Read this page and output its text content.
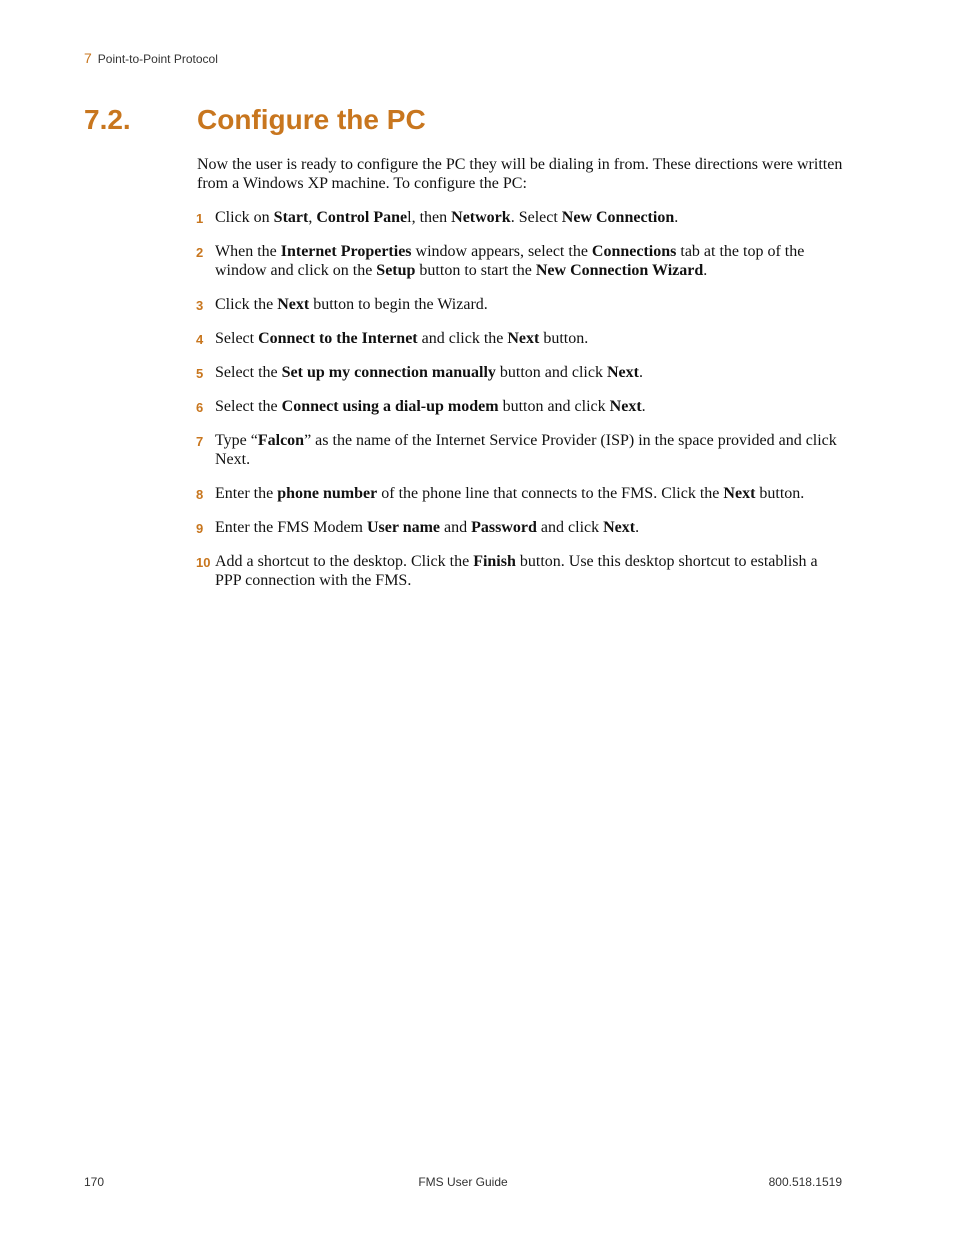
7 Point-to-Point Protocol
7.2. Configure the PC

Now the user is ready to configure the PC they will be dialing in from. These directions were written from a Windows XP machine. To configure the PC:

1 Click on Start, Control Panel, then Network. Select New Connection.
2 When the Internet Properties window appears, select the Connections tab at the top of the window and click on the Setup button to start the New Connection Wizard.
3 Click the Next button to begin the Wizard.
4 Select Connect to the Internet and click the Next button.
5 Select the Set up my connection manually button and click Next.
6 Select the Connect using a dial-up modem button and click Next.
7 Type “Falcon” as the name of the Internet Service Provider (ISP) in the space provided and click Next.
8 Enter the phone number of the phone line that connects to the FMS. Click the Next button.
9 Enter the FMS Modem User name and Password and click Next.
10 Add a shortcut to the desktop. Click the Finish button. Use this desktop shortcut to establish a PPP connection with the FMS.
170	FMS User Guide	800.518.1519
